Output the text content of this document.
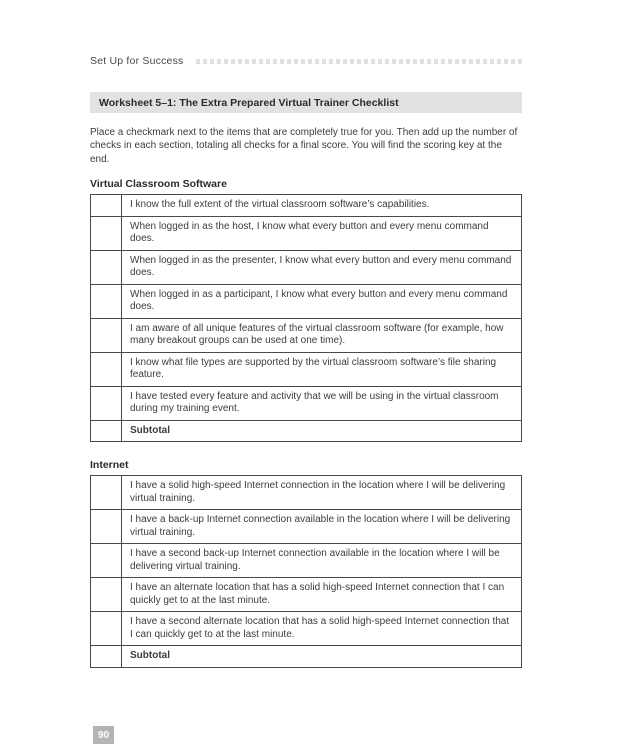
Set Up for Success
Worksheet 5–1: The Extra Prepared Virtual Trainer Checklist

Place a checkmark next to the items that are completely true for you. Then add up the number of checks in each section, totaling all checks for a final score. You will find the scoring key at the end.

Virtual Classroom Software
	I know the full extent of the virtual classroom software’s capabilities.
	When logged in as the host, I know what every button and every menu command does.
	When logged in as the presenter, I know what every button and every menu command does.
	When logged in as a participant, I know what every button and every menu command does.
	I am aware of all unique features of the virtual classroom software (for example, how many breakout groups can be used at one time).
	I know what file types are supported by the virtual classroom software’s file sharing feature.
	I have tested every feature and activity that we will be using in the virtual classroom during my training event.
	Subtotal
Internet
	I have a solid high-speed Internet connection in the location where I will be delivering virtual training.
	I have a back-up Internet connection available in the location where I will be delivering virtual training.
	I have a second back-up Internet connection available in the location where I will be delivering virtual training.
	I have an alternate location that has a solid high-speed Internet connection that I can quickly get to at the last minute.
	I have a second alternate location that has a solid high-speed Internet connection that I can quickly get to at the last minute.
	Subtotal
90
